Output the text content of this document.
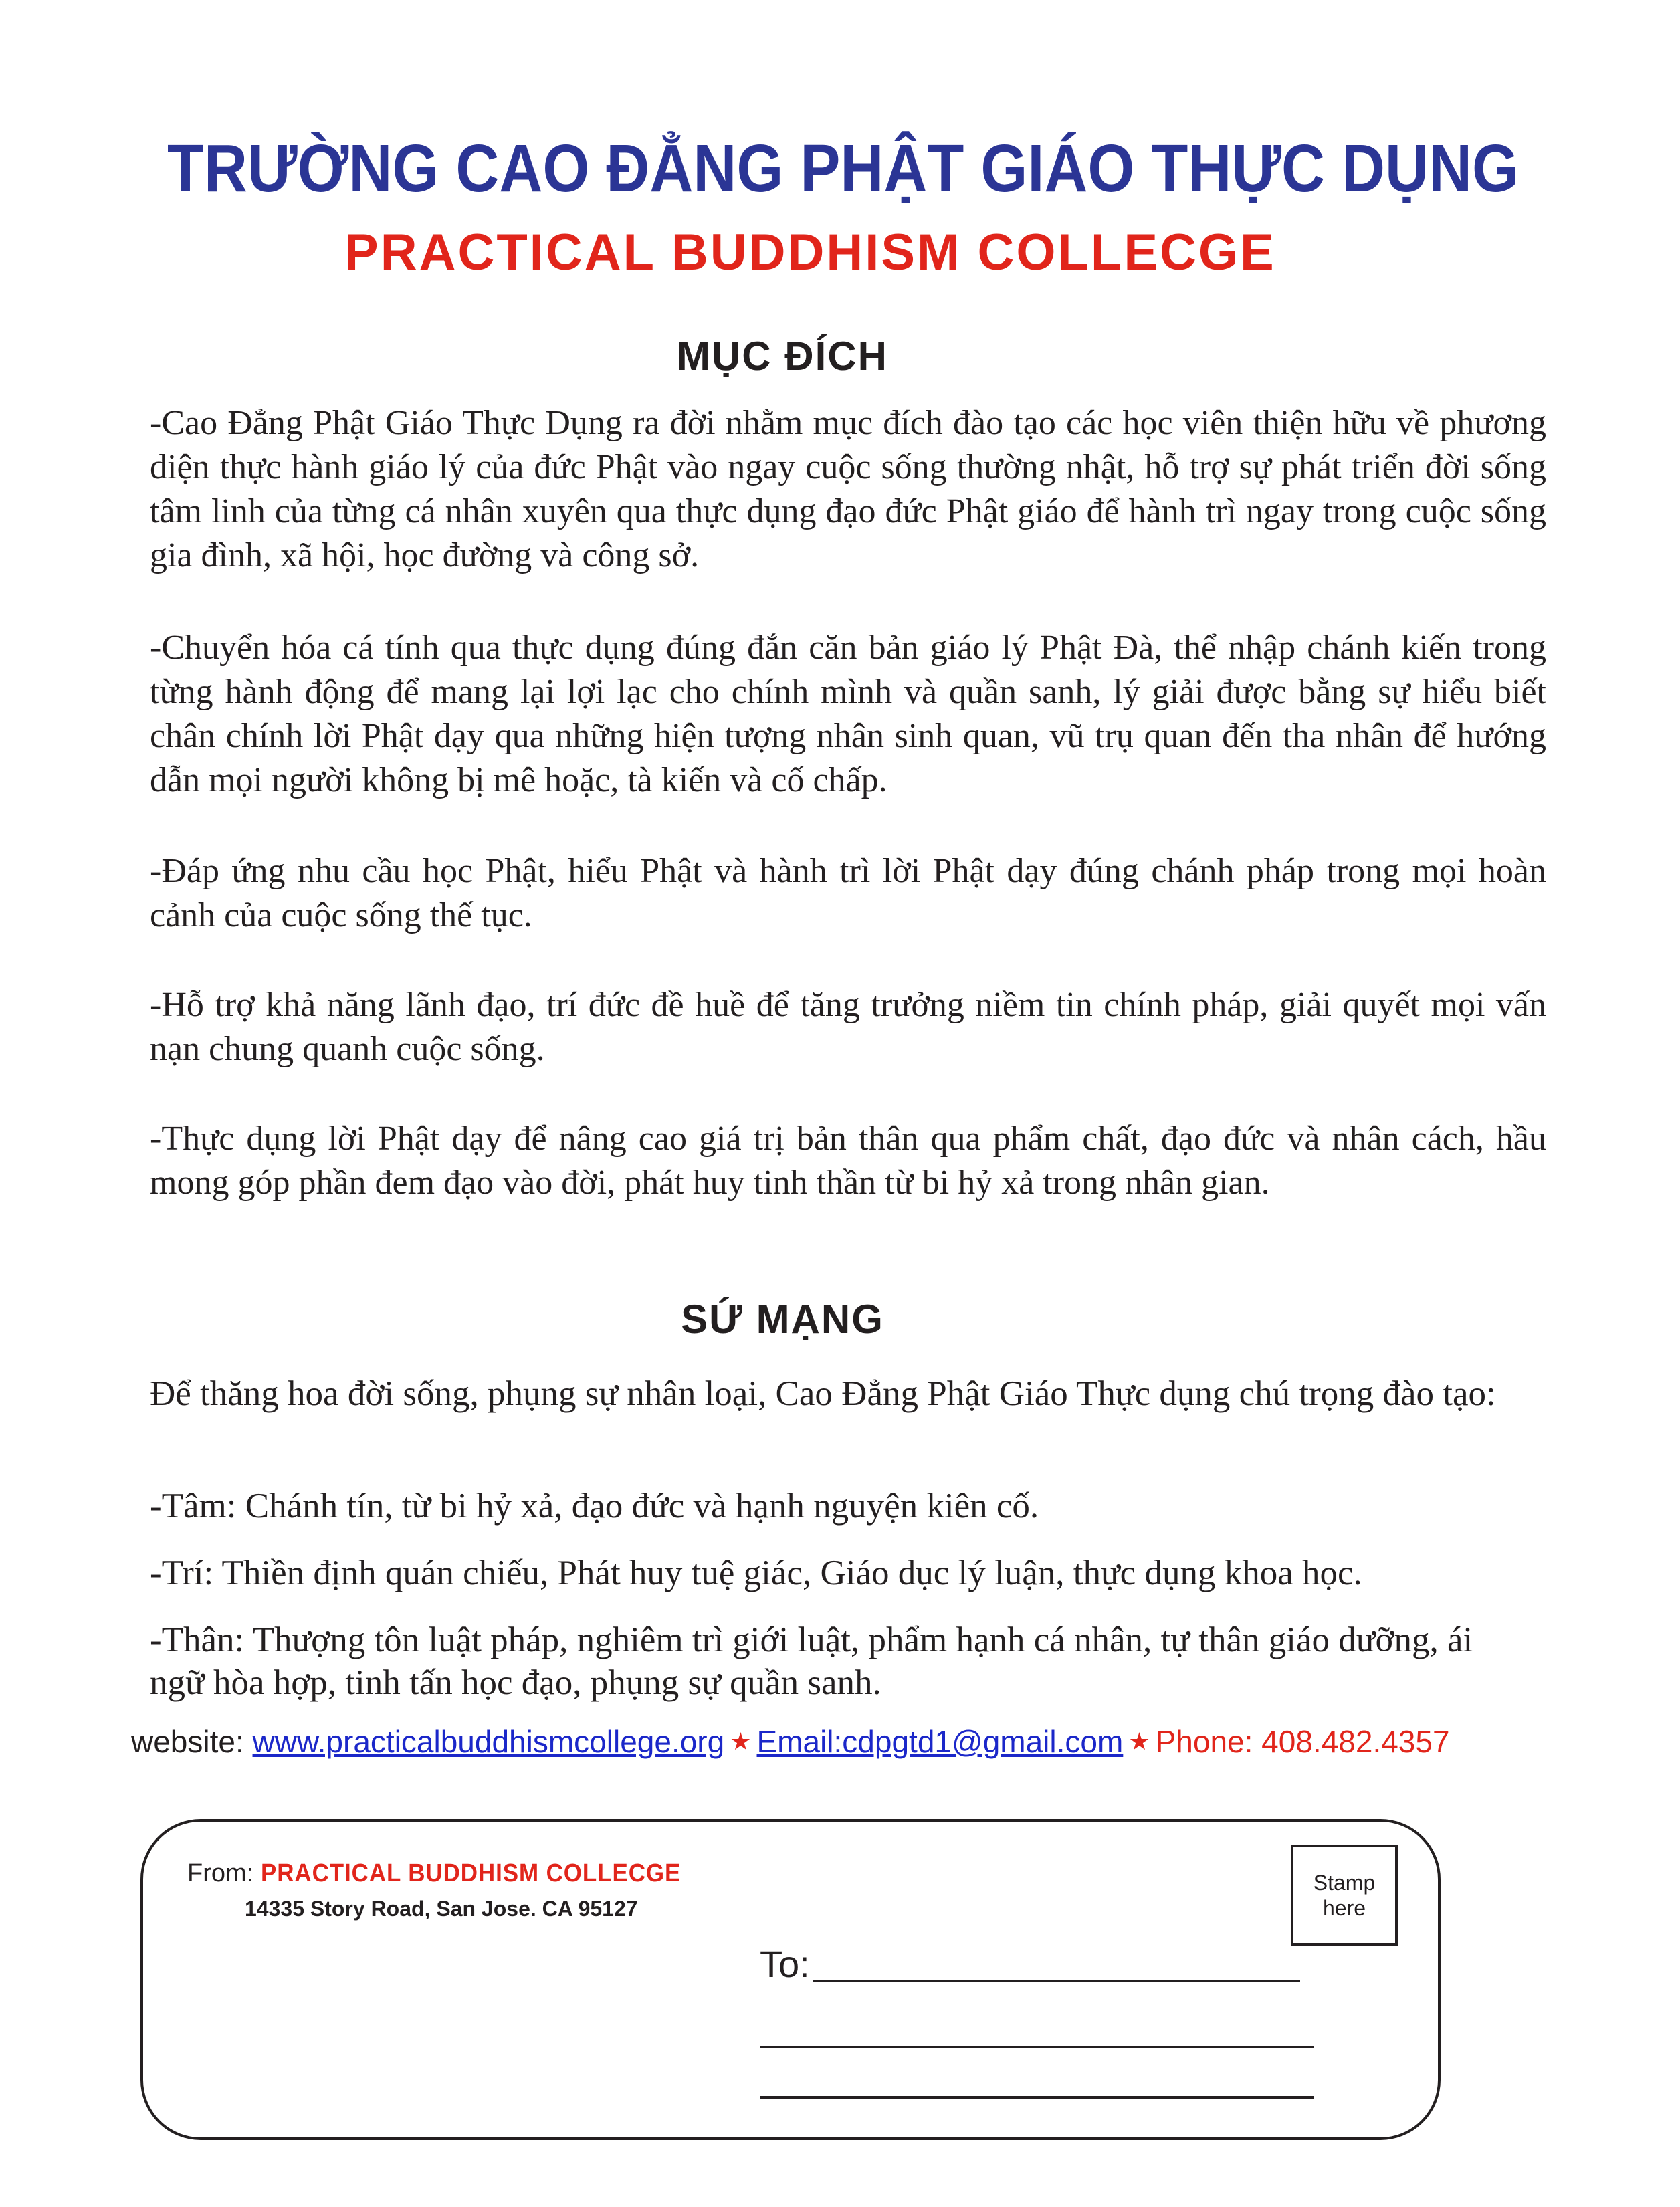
TRƯỜNG CAO ĐẲNG PHẬT GIÁO THỰC DỤNG
PRACTICAL BUDDHISM COLLECGE
MỤC ĐÍCH

-Cao Đẳng Phật Giáo Thực Dụng ra đời nhằm mục đích đào tạo các học viên thiện hữu về phương diện thực hành giáo lý của đức Phật vào ngay cuộc sống thường nhật, hỗ trợ sự phát triển đời sống tâm linh của từng cá nhân xuyên qua thực dụng đạo đức Phật giáo để hành trì ngay trong cuộc sống gia đình, xã hội, học đường và công sở.

-Chuyển hóa cá tính qua thực dụng đúng đắn căn bản giáo lý Phật Đà, thể nhập chánh kiến trong từng hành động để mang lại lợi lạc cho chính mình và quần sanh, lý giải được bằng sự hiểu biết chân chính lời Phật dạy qua những hiện tượng nhân sinh quan, vũ trụ quan đến tha nhân để hướng dẫn mọi người không bị mê hoặc, tà kiến và cố chấp.

-Đáp ứng nhu cầu học Phật, hiểu Phật và hành trì lời Phật dạy đúng chánh pháp trong mọi hoàn cảnh của cuộc sống thế tục.

-Hỗ trợ khả năng lãnh đạo, trí đức đề huề để tăng trưởng niềm tin chính pháp, giải quyết mọi vấn nạn chung quanh cuộc sống.

-Thực dụng lời Phật dạy để nâng cao giá trị bản thân qua phẩm chất, đạo đức và nhân cách, hầu mong góp phần đem đạo vào đời, phát huy tinh thần từ bi hỷ xả trong nhân gian.

SỨ MẠNG

Để thăng hoa đời sống, phụng sự nhân loại, Cao Đẳng Phật Giáo Thực dụng chú trọng đào tạo:

-Tâm: Chánh tín, từ bi hỷ xả, đạo đức và hạnh nguyện kiên cố.

-Trí: Thiền định quán chiếu, Phát huy tuệ giác, Giáo dục lý luận, thực dụng khoa học.

-Thân: Thượng tôn luật pháp, nghiêm trì giới luật, phẩm hạnh cá nhân, tự thân giáo dưỡng, ái ngữ hòa hợp, tinh tấn học đạo, phụng sự quần sanh.

website: www.practicalbuddhismcollege.org ★ Email:cdpgtd1@gmail.com ★ Phone: 408.482.4357
From: PRACTICAL BUDDHISM COLLECGE
14335 Story Road, San Jose. CA 95127
Stamp
here
To:
